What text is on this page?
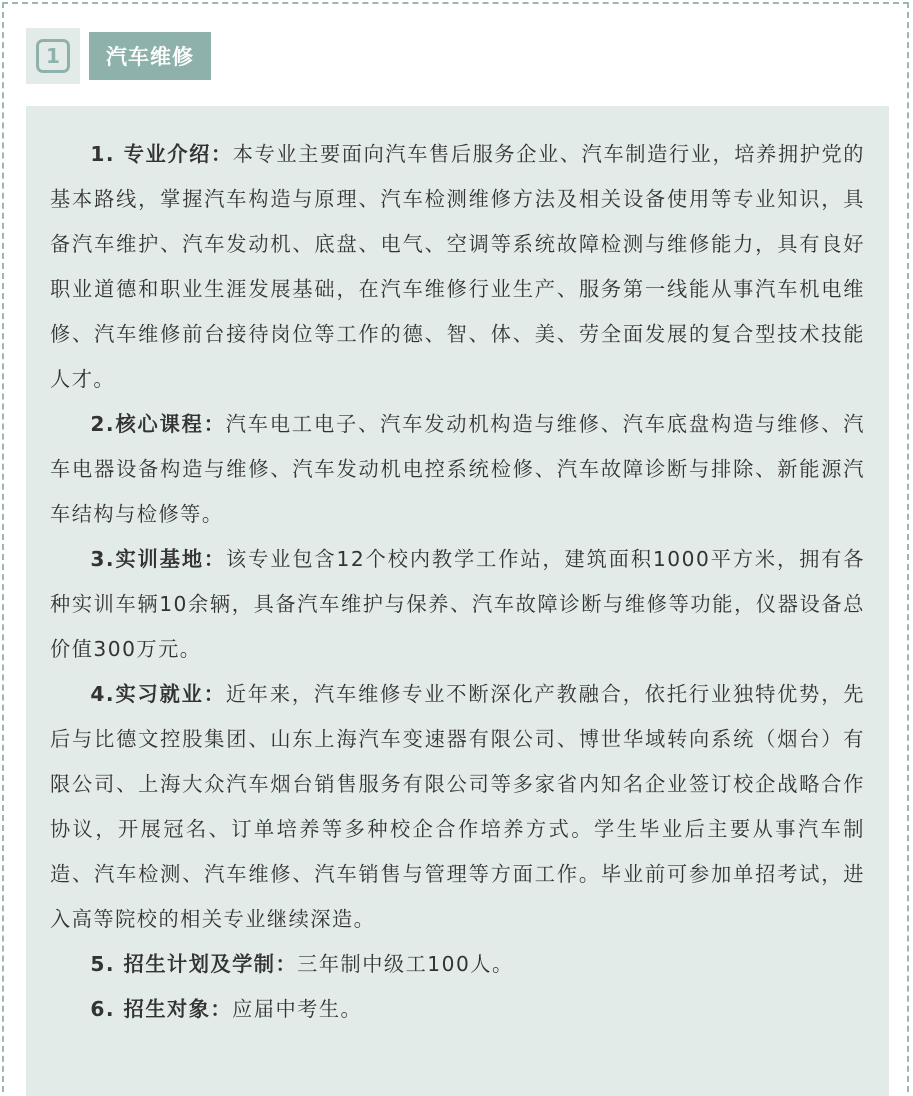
1	汽车维修

1. 专业介绍：本专业主要面向汽车售后服务企业、汽车制造行业，培养拥护党的基本路线，掌握汽车构造与原理、汽车检测维修方法及相关设备使用等专业知识，具备汽车维护、汽车发动机、底盘、电气、空调等系统故障检测与维修能力，具有良好职业道德和职业生涯发展基础，在汽车维修行业生产、服务第一线能从事汽车机电维修、汽车维修前台接待岗位等工作的德、智、体、美、劳全面发展的复合型技术技能人才。

2.核心课程：汽车电工电子、汽车发动机构造与维修、汽车底盘构造与维修、汽车电器设备构造与维修、汽车发动机电控系统检修、汽车故障诊断与排除、新能源汽车结构与检修等。

3.实训基地：该专业包含12个校内教学工作站，建筑面积1000平方米，拥有各种实训车辆10余辆，具备汽车维护与保养、汽车故障诊断与维修等功能，仪器设备总价值300万元。

4.实习就业：近年来，汽车维修专业不断深化产教融合，依托行业独特优势，先后与比德文控股集团、山东上海汽车变速器有限公司、博世华域转向系统（烟台）有限公司、上海大众汽车烟台销售服务有限公司等多家省内知名企业签订校企战略合作协议，开展冠名、订单培养等多种校企合作培养方式。学生毕业后主要从事汽车制造、汽车检测、汽车维修、汽车销售与管理等方面工作。毕业前可参加单招考试，进入高等院校的相关专业继续深造。

5. 招生计划及学制：三年制中级工100人。

6. 招生对象：应届中考生。
